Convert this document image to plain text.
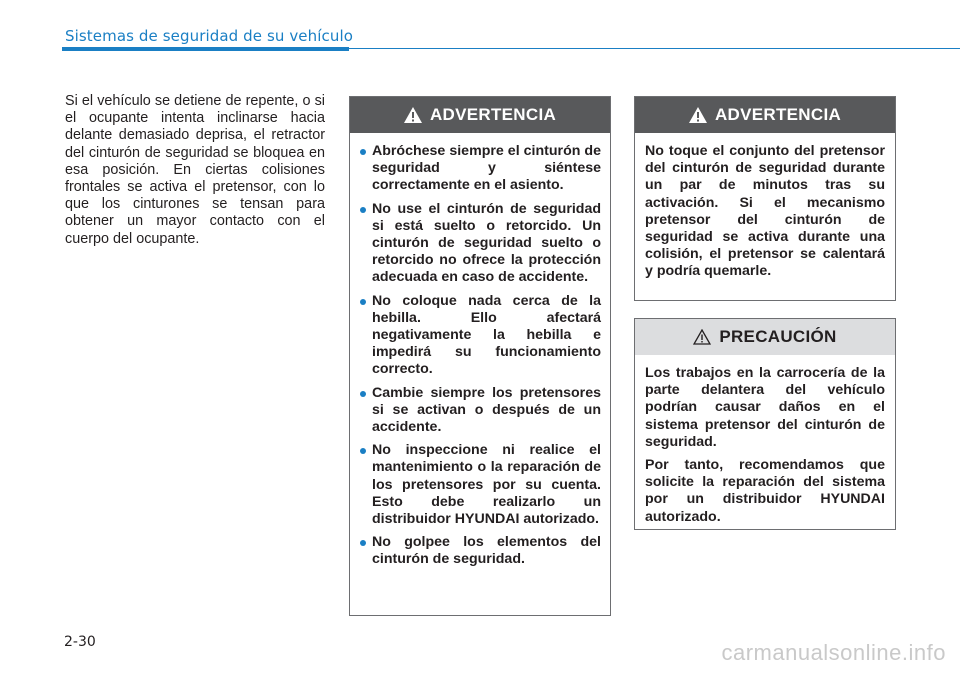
Sistemas de seguridad de su vehículo
Si el vehículo se detiene de repente, o si el ocupante intenta inclinarse hacia delante demasiado deprisa, el retractor del cinturón de seguridad se bloquea en esa posición. En ciertas colisiones frontales se activa el pretensor, con lo que los cinturones se tensan para obtener un mayor contacto con el cuerpo del ocupante.
ADVERTENCIA
Abróchese siempre el cinturón de seguridad y siéntese correctamente en el asiento.
No use el cinturón de seguridad si está suelto o retorcido. Un cinturón de seguridad suelto o retorcido no ofrece la protección adecuada en caso de accidente.
No coloque nada cerca de la hebilla. Ello afectará negativamente la hebilla e impedirá su funcionamiento correcto.
Cambie siempre los pretensores si se activan o después de un accidente.
No inspeccione ni realice el mantenimiento o la reparación de los pretensores por su cuenta. Esto debe realizarlo un distribuidor HYUNDAI autorizado.
No golpee los elementos del cinturón de seguridad.
ADVERTENCIA

No toque el conjunto del pretensor del cinturón de seguridad durante un par de minutos tras su activación. Si el mecanismo pretensor del cinturón de seguridad se activa durante una colisión, el pretensor se calentará y podría quemarle.

PRECAUCIÓN

Los trabajos en la carrocería de la parte delantera del vehículo podrían causar daños en el sistema pretensor del cinturón de seguridad.

Por tanto, recomendamos que solicite la reparación del sistema por un distribuidor HYUNDAI autorizado.

2-30	carmanualsonline.info
